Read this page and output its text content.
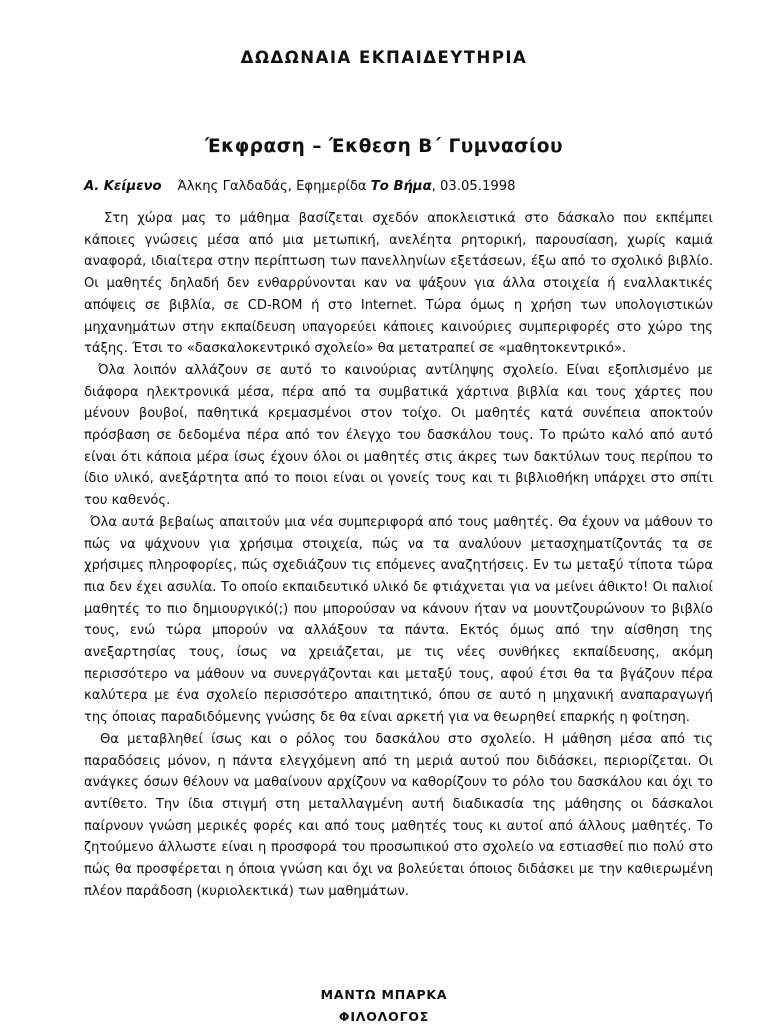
ΔΩΔΩΝΑΙΑ ΕΚΠΑΙΔΕΥΤΗΡΙΑ
Έκφραση – Έκθεση Β΄ Γυμνασίου
Α. Κείμενο Άλκης Γαλδαδάς, Εφημερίδα Το Βήμα, 03.05.1998

Στη χώρα μας το μάθημα βασίζεται σχεδόν αποκλειστικά στο δάσκαλο που εκπέμπει κάποιες γνώσεις μέσα από μια μετωπική, ανελέητα ρητορική, παρουσίαση, χωρίς καμιά αναφορά, ιδιαίτερα στην περίπτωση των πανελληνίων εξετάσεων, έξω από το σχολικό βιβλίο. Οι μαθητές δηλαδή δεν ενθαρρύνονται καν να ψάξουν για άλλα στοιχεία ή εναλλακτικές απόψεις σε βιβλία, σε CD-ROM ή στο Internet. Τώρα όμως η χρήση των υπολογιστικών μηχανημάτων στην εκπαίδευση υπαγορεύει κάποιες καινούριες συμπεριφορές στο χώρο της τάξης. Έτσι το «δασκαλοκεντρικό σχολείο» θα μετατραπεί σε «μαθητοκεντρικό».

Όλα λοιπόν αλλάζουν σε αυτό το καινούριας αντίληψης σχολείο. Είναι εξοπλισμένο με διάφορα ηλεκτρονικά μέσα, πέρα από τα συμβατικά χάρτινα βιβλία και τους χάρτες που μένουν βουβοί, παθητικά κρεμασμένοι στον τοίχο. Οι μαθητές κατά συνέπεια αποκτούν πρόσβαση σε δεδομένα πέρα από τον έλεγχο του δασκάλου τους. Το πρώτο καλό από αυτό είναι ότι κάποια μέρα ίσως έχουν όλοι οι μαθητές στις άκρες των δακτύλων τους περίπου το ίδιο υλικό, ανεξάρτητα από το ποιοι είναι οι γονείς τους και τι βιβλιοθήκη υπάρχει στο σπίτι του καθενός.

Όλα αυτά βεβαίως απαιτούν μια νέα συμπεριφορά από τους μαθητές. Θα έχουν να μάθουν το πώς να ψάχνουν για χρήσιμα στοιχεία, πώς να τα αναλύουν μετασχηματίζοντάς τα σε χρήσιμες πληροφορίες, πώς σχεδιάζουν τις επόμενες αναζητήσεις. Εν τω μεταξύ τίποτα τώρα πια δεν έχει ασυλία. Το οποίο εκπαιδευτικό υλικό δε φτιάχνεται για να μείνει άθικτο! Οι παλιοί μαθητές το πιο δημιουργικό(;) που μπορούσαν να κάνουν ήταν να μουντζουρώνουν το βιβλίο τους, ενώ τώρα μπορούν να αλλάξουν τα πάντα. Εκτός όμως από την αίσθηση της ανεξαρτησίας τους, ίσως να χρειάζεται, με τις νέες συνθήκες εκπαίδευσης, ακόμη περισσότερο να μάθουν να συνεργάζονται και μεταξύ τους, αφού έτσι θα τα βγάζουν πέρα καλύτερα με ένα σχολείο περισσότερο απαιτητικό, όπου σε αυτό η μηχανική αναπαραγωγή της όποιας παραδιδόμενης γνώσης δε θα είναι αρκετή για να θεωρηθεί επαρκής η φοίτηση.

Θα μεταβληθεί ίσως και ο ρόλος του δασκάλου στο σχολείο. Η μάθηση μέσα από τις παραδόσεις μόνον, η πάντα ελεγχόμενη από τη μεριά αυτού που διδάσκει, περιορίζεται. Οι ανάγκες όσων θέλουν να μαθαίνουν αρχίζουν να καθορίζουν το ρόλο του δασκάλου και όχι το αντίθετο. Την ίδια στιγμή στη μεταλλαγμένη αυτή διαδικασία της μάθησης οι δάσκαλοι παίρνουν γνώση μερικές φορές και από τους μαθητές τους κι αυτοί από άλλους μαθητές. Το ζητούμενο άλλωστε είναι η προσφορά του προσωπικού στο σχολείο να εστιασθεί πιο πολύ στο πώς θα προσφέρεται η όποια γνώση και όχι να βολεύεται όποιος διδάσκει με την καθιερωμένη πλέον παράδοση (κυριολεκτικά) των μαθημάτων.

ΜΑΝΤΩ ΜΠΑΡΚΑ
ΦΙΛΟΛΟΓΟΣ
